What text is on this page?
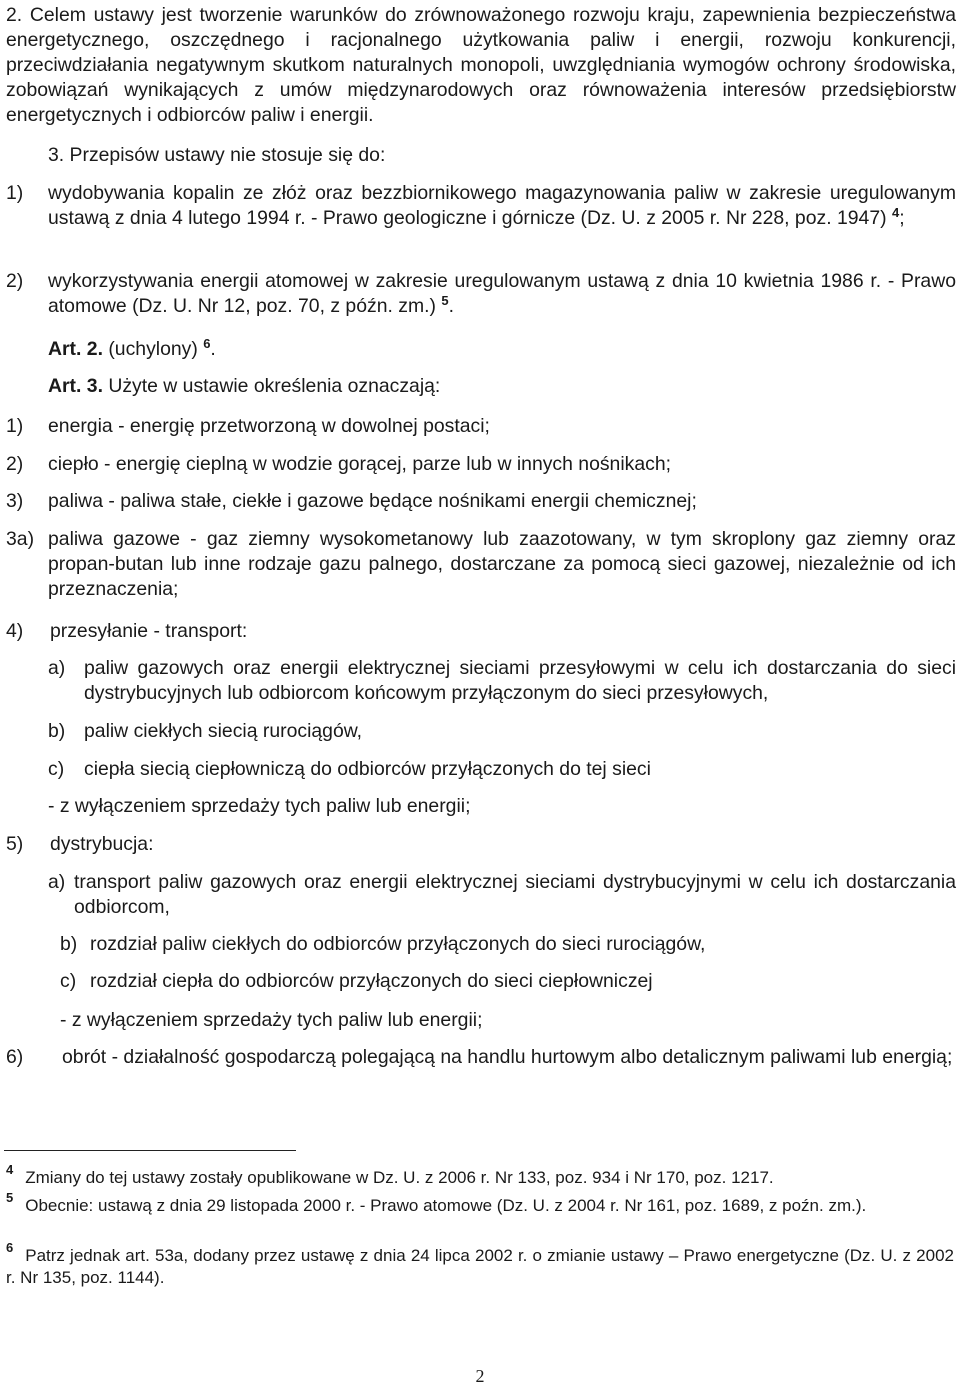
2. Celem ustawy jest tworzenie warunków do zrównoważonego rozwoju kraju, zapewnienia bezpieczeństwa energetycznego, oszczędnego i racjonalnego użytkowania paliw i energii, rozwoju konkurencji, przeciwdziałania negatywnym skutkom naturalnych monopoli, uwzględniania wymogów ochrony środowiska, zobowiązań wynikających z umów międzynarodowych oraz równoważenia interesów przedsiębiorstw energetycznych i odbiorców paliw i energii.

3. Przepisów ustawy nie stosuje się do:

1)	wydobywania kopalin ze złóż oraz bezzbiornikowego magazynowania paliw w zakresie uregulowanym ustawą z dnia 4 lutego 1994 r. - Prawo geologiczne i górnicze (Dz. U. z 2005 r. Nr 228, poz. 1947) $^4$;

2)	wykorzystywania energii atomowej w zakresie uregulowanym ustawą z dnia 10 kwietnia 1986 r. - Prawo atomowe (Dz. U. Nr 12, poz. 70, z późn. zm.) $^5$.

Art. 2. (uchylony) $^6$.

Art. 3. Użyte w ustawie określenia oznaczają:

1)	energia - energię przetworzoną w dowolnej postaci;
2)	ciepło - energię cieplną w wodzie gorącej, parze lub w innych nośnikach;
3)	paliwa - paliwa stałe, ciekłe i gazowe będące nośnikami energii chemicznej;
3a) paliwa gazowe - gaz ziemny wysokometanowy lub zaazotowany, w tym skroplony gaz ziemny oraz propan-butan lub inne rodzaje gazu palnego, dostarczane za pomocą sieci gazowej, niezależnie od ich przeznaczenia;

4)	przesyłanie - transport:
a) paliw gazowych oraz energii elektrycznej sieciami przesyłowymi w celu ich dostarczania do sieci dystrybucyjnych lub odbiorcom końcowym przyłączonym do sieci przesyłowych,

b) paliw ciekłych siecią rurociągów,
c)	ciepła siecią ciepłowniczą do odbiorców przyłączonych do tej sieci

- z wyłączeniem sprzedaży tych paliw lub energii;

5)	dystrybucja:
a) transport paliw gazowych oraz energii elektrycznej sieciami dystrybucyjnymi w celu ich dostarczania odbiorcom,

b) rozdział paliw ciekłych do odbiorców przyłączonych do sieci rurociągów,
c) rozdział ciepła do odbiorców przyłączonych do sieci ciepłowniczej

- z wyłączeniem sprzedaży tych paliw lub energii;

6)	obrót - działalność gospodarczą polegającą na handlu hurtowym albo detalicznym paliwami lub energią;

$^4$ Zmiany do tej ustawy zostały opublikowane w Dz. U. z 2006 r. Nr 133, poz. 934 i Nr 170, poz. 1217.

$^5$ Obecnie: ustawą z dnia 29 listopada 2000 r. - Prawo atomowe (Dz. U. z 2004 r. Nr 161, poz. 1689, z poźn. zm.).

$^6$ Patrz jednak art. 53a, dodany przez ustawę z dnia 24 lipca 2002 r. o zmianie ustawy – Prawo energetyczne (Dz. U. z 2002 r. Nr 135, poz. 1144).

2
